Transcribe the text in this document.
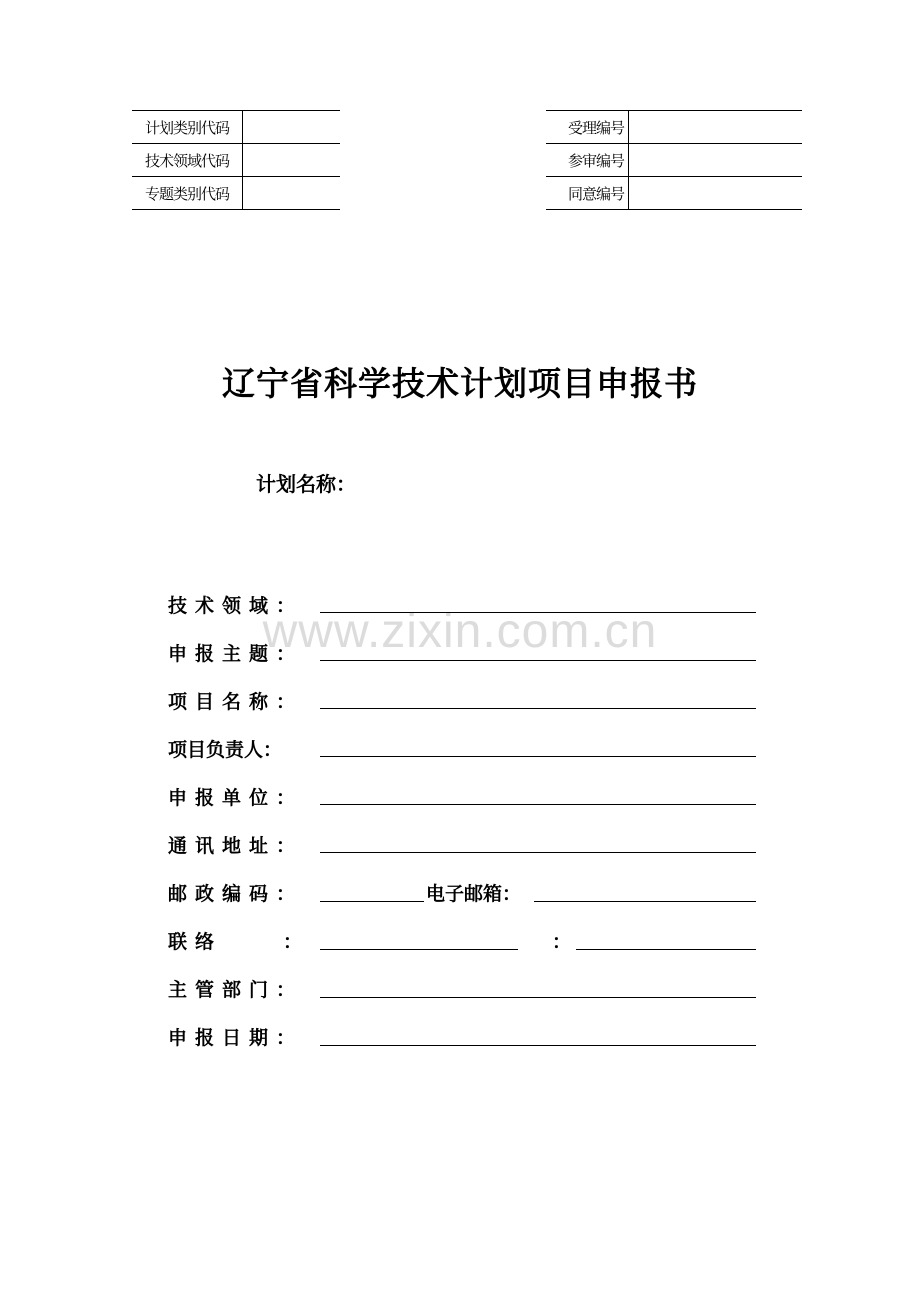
计划类别代码	
技术领域代码	
专题类别代码	
受理编号	
参审编号	
同意编号	
辽宁省科学技术计划项目申报书
计划名称：
www.zixin.com.cn
技术领域：
申报主题：
项目名称：
项目负责人：
申报单位：
通讯地址：
邮政编码：	电子邮箱：
联络	：	：
主管部门：
申报日期：
